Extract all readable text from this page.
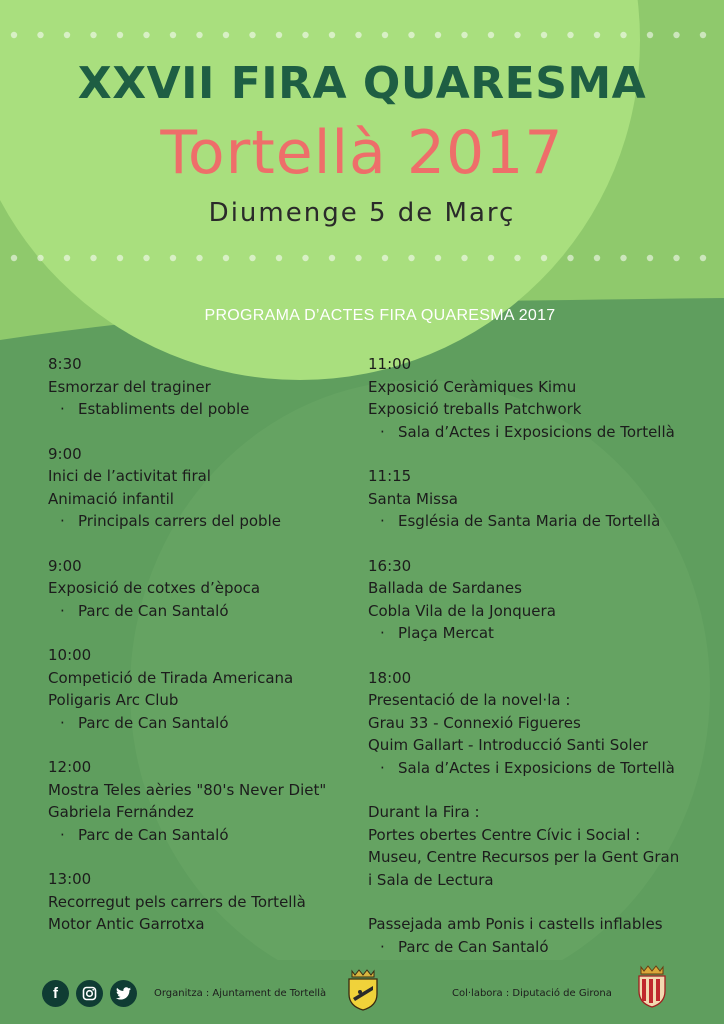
XXVII FIRA QUARESMA
Tortellà 2017
Diumenge 5 de Març
PROGRAMA D’ACTES FIRA QUARESMA 2017
8:30
Esmorzar del traginer
· Establiments del poble
9:00
Inici de l’activitat firal
Animació infantil
· Principals carrers del poble
9:00
Exposició de cotxes d’època
· Parc de Can Santaló
10:00
Competició de Tirada Americana
Poligaris Arc Club
· Parc de Can Santaló
12:00
Mostra Teles aèries "80's Never Diet"
Gabriela Fernández
· Parc de Can Santaló
13:00
Recorregut pels carrers de Tortellà
Motor Antic Garrotxa
11:00
Exposició Ceràmiques Kimu
Exposició treballs Patchwork
· Sala d’Actes i Exposicions de Tortellà
11:15
Santa Missa
· Església de Santa Maria de Tortellà
16:30
Ballada de Sardanes
Cobla Vila de la Jonquera
· Plaça Mercat
18:00
Presentació de la novel·la :
Grau 33 - Connexió Figueres
Quim Gallart - Introducció Santi Soler
· Sala d’Actes i Exposicions de Tortellà
Durant la Fira :
Portes obertes Centre Cívic i Social :
Museu, Centre Recursos per la Gent Gran
i Sala de Lectura
Passejada amb Ponis i castells inflables
· Parc de Can Santaló
f	Organitza : Ajuntament de Tortellà	Col·labora : Diputació de Girona
